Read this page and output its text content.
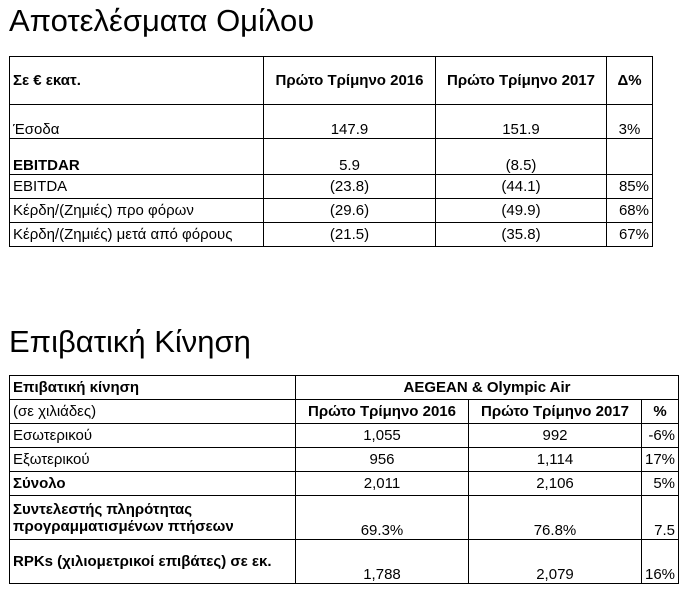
Αποτελέσματα Ομίλου
Σε € εκατ.	Πρώτο Τρίμηνο 2016	Πρώτο Τρίμηνο 2017	Δ%
Έσοδα	147.9	151.9	3%
EBITDAR	5.9	(8.5)	
EBITDA	(23.8)	(44.1)	85%
Κέρδη/(Ζημιές) προ φόρων	(29.6)	(49.9)	68%
Κέρδη/(Ζημιές) μετά από φόρους	(21.5)	(35.8)	67%
Επιβατική Κίνηση
Επιβατική κίνηση	AEGEAN & Olympic Air		
(σε χιλιάδες)	Πρώτο Τρίμηνο 2016	Πρώτο Τρίμηνο 2017	%
Εσωτερικού	1,055	992	-6%
Εξωτερικού	956	1,114	17%
Σύνολο	2,011	2,106	5%
Συντελεστής πληρότητας προγραμματισμένων πτήσεων	69.3%	76.8%	7.5
RPKs (χιλιομετρικοί επιβάτες) σε εκ.	1,788	2,079	16%
